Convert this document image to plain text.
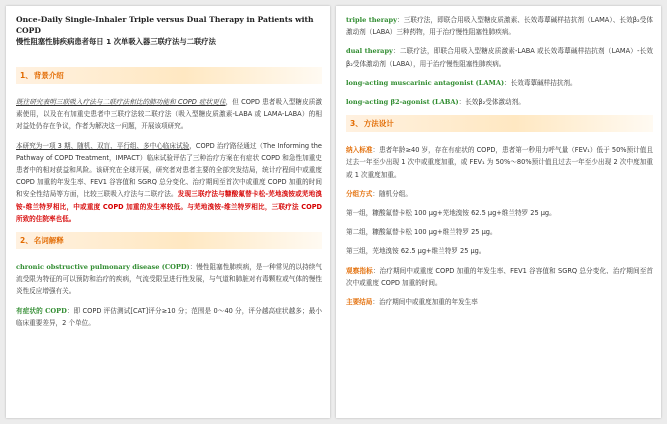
Once-Daily Single-Inhaler Triple versus Dual Therapy in Patients with COPD
慢性阻塞性肺疾病患者每日 1 次单吸入器三联疗法与二联疗法
1、 背景介绍

既往研究表明三联吸入疗法与二联疗法相比的肺功能和 COPD 症状更佳，但 COPD 患者吸入型糖皮质激素使用，以及在有加重史患者中三联疗法较二联疗法（吸入型糖皮质激素-LABA 或 LAMA-LABA）的相对益处仍存在争议，作者为解决这一问题，开展该项研究。

本研究为一项 3 期、随机、双盲、平行组、多中心临床试验，COPD 治疗路径通过（The Informing the Pathway of COPD Treatment，IMPACT）临床试验评估了三种治疗方案在有症状 COPD 和急性加重史患者中的相对获益和风险。该研究在全球开展，研究者对患者主要的全部突发结局，统计疗程间中或重度 COPD 加重的年发生率、FEV1 谷容值和 SGRQ 总分变化、治疗期间至首次中或重度 COPD 加重的时间和安全性结局等方面，比较三联吸入疗法与二联疗法。发现三联疗法与糠酸氟替卡松-芜地溴铵或芜地溴铵-维兰特罗相比，中或重度 COPD 加重的发生率较低。与芜地溴铵-维兰特罗相比，三联疗法 COPD 所致的住院率也低。

2、 名词解释

chronic obstructive pulmonary disease (COPD)：慢性阻塞性肺疾病，是一种常见的以持续气流受限为特征的可以预防和治疗的疾病，气流受限呈进行性发展，与气道和肺脏对有毒颗粒或气体的慢性炎性反应增强有关。

有症状的 COPD：即 COPD 评估测试[CAT]评分≥10 分；范围是 0～40 分，评分越高症状越多；最小临床重要差异，2 个单位。

triple therapy：三联疗法，即联合用吸入型糖皮质激素、长效毒蕈碱样拮抗剂（LAMA）、长效β₂受体激动剂（LABA）三种药物，用于治疗慢性阻塞性肺疾病。

dual therapy：二联疗法，即联合用吸入型糖皮质激素-LABA 或长效毒蕈碱样拮抗剂（LAMA）-长效β₂受体激动剂（LABA），用于治疗慢性阻塞性肺疾病。

long-acting muscarinic antagonist (LAMA)：长效毒蕈碱样拮抗剂。

long-acting β2-agonist (LABA)：长效β₂受体激动剂。

3、 方法设计

纳入标准：患者年龄≥40 岁，存在有症状的 COPD，患者第一秒用力呼气量（FEV₁）低于 50%预计值且过去一年至少出现 1 次中或重度加重，或 FEV₁ 为 50%～80%预计值且过去一年至少出现 2 次中度加重或 1 次重度加重。

分组方式：随机分组。

第一组，糠酸氟替卡松 100 μg+芜地溴铵 62.5 μg+维兰特罗 25 μg。

第二组，糠酸氟替卡松 100 μg+维兰特罗 25 μg。

第三组，芜地溴铵 62.5 μg+维兰特罗 25 μg。

观察指标：治疗期间中或重度 COPD 加重的年发生率、FEV1 谷容值和 SGRQ 总分变化、治疗期间至首次中或重度 COPD 加重的时间。

主要结局：治疗期间中或重度加重的年发生率
